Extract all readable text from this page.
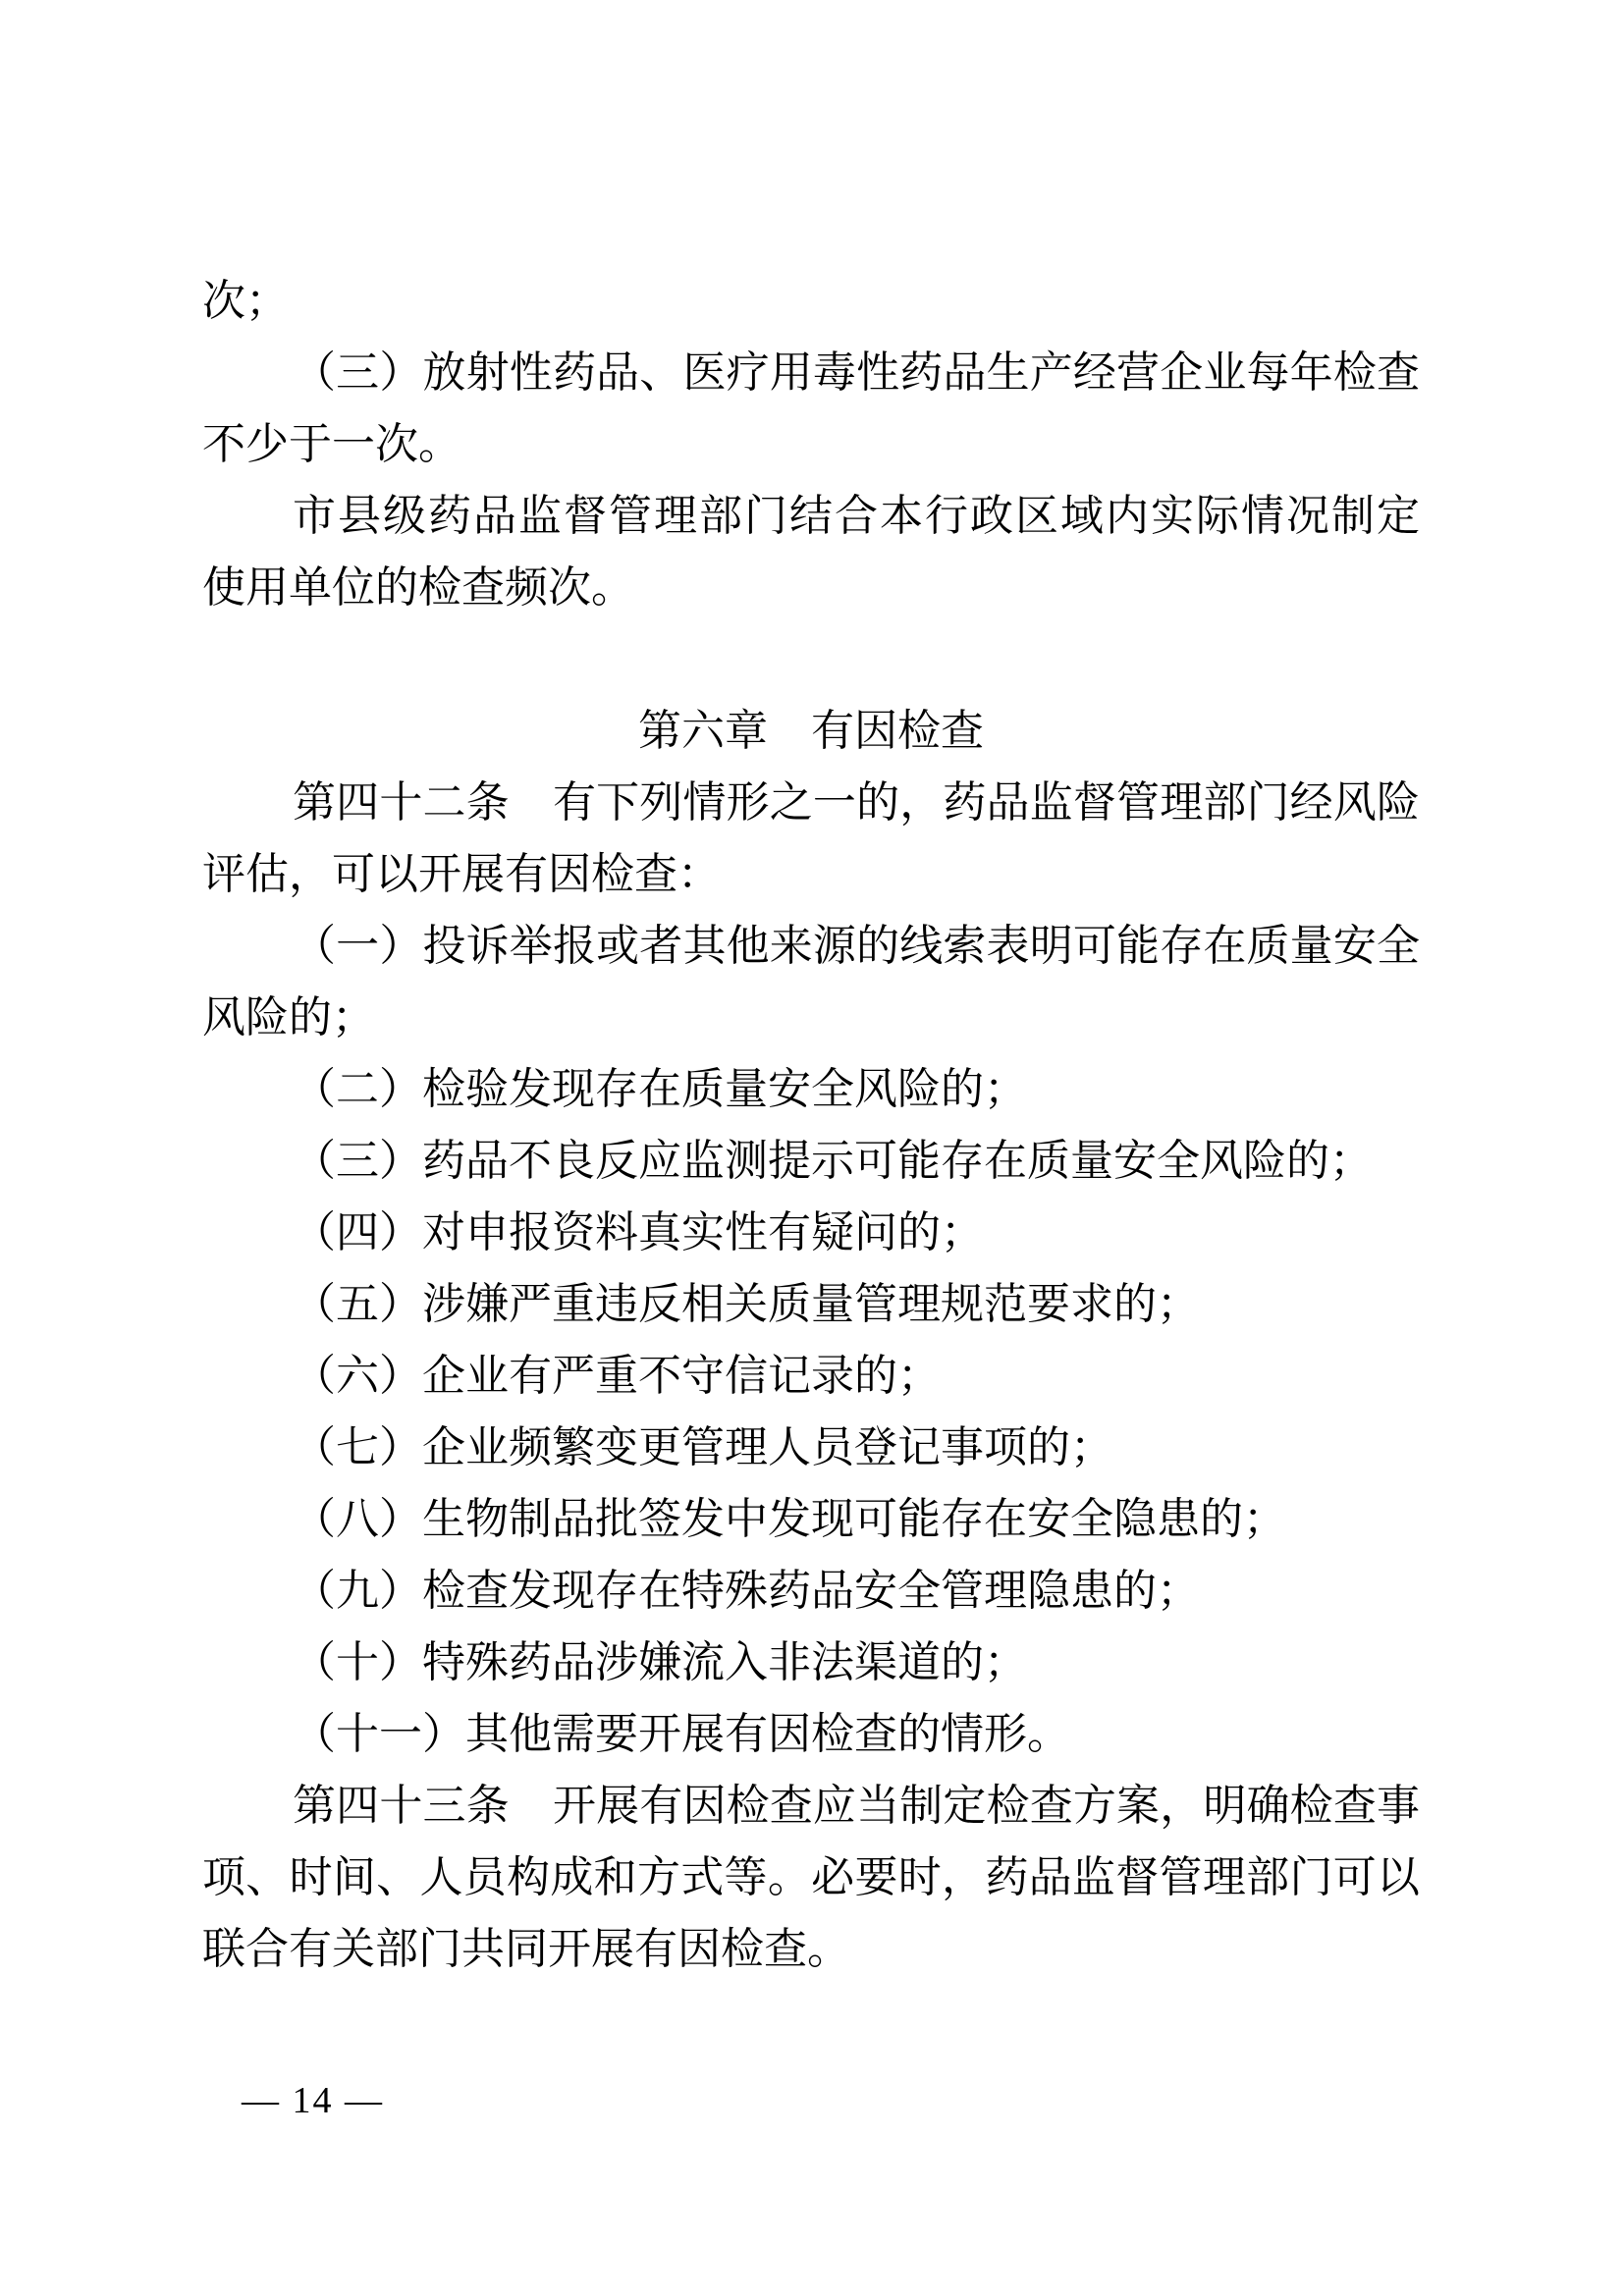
次；
（三）放射性药品、医疗用毒性药品生产经营企业每年检查
不少于一次。
市县级药品监督管理部门结合本行政区域内实际情况制定
使用单位的检查频次。
第六章　有因检查
第四十二条　有下列情形之一的，药品监督管理部门经风险
评估，可以开展有因检查：
（一）投诉举报或者其他来源的线索表明可能存在质量安全
风险的；
（二）检验发现存在质量安全风险的；
（三）药品不良反应监测提示可能存在质量安全风险的；
（四）对申报资料真实性有疑问的；
（五）涉嫌严重违反相关质量管理规范要求的；
（六）企业有严重不守信记录的；
（七）企业频繁变更管理人员登记事项的；
（八）生物制品批签发中发现可能存在安全隐患的；
（九）检查发现存在特殊药品安全管理隐患的；
（十）特殊药品涉嫌流入非法渠道的；
（十一）其他需要开展有因检查的情形。
第四十三条　开展有因检查应当制定检查方案，明确检查事
项、时间、人员构成和方式等。必要时，药品监督管理部门可以
联合有关部门共同开展有因检查。
— 14 —
